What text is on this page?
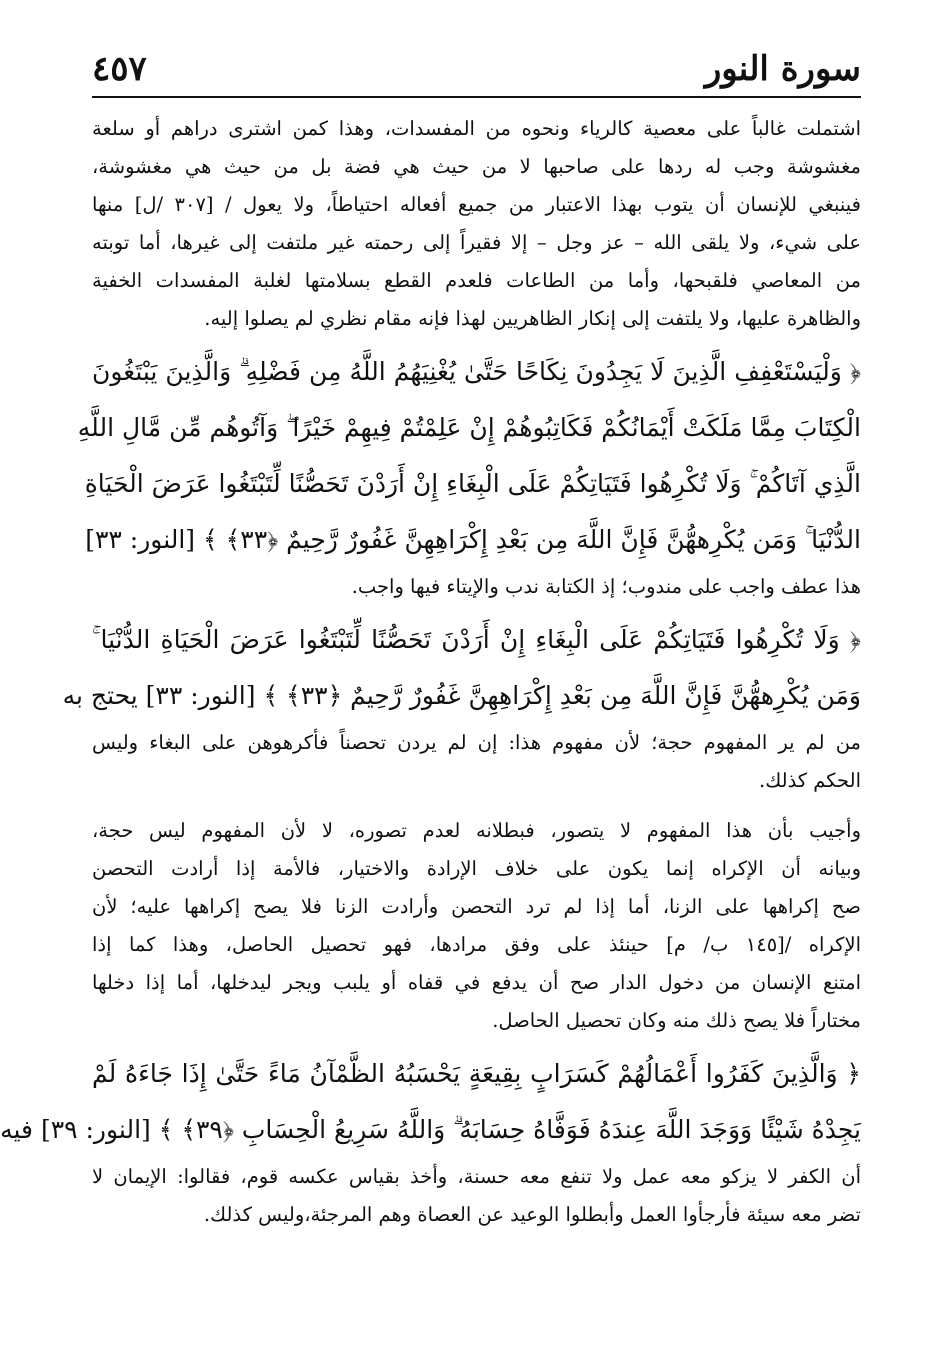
سورة النور
٤٥٧
اشتملت غالباً على معصية كالرياء ونحوه من المفسدات، وهذا كمن اشترى دراهم أو سلعة
مغشوشة وجب له ردها على صاحبها لا من حيث هي فضة بل من حيث هي مغشوشة،
فينبغي للإنسان أن يتوب بهذا الاعتبار من جميع أفعاله احتياطاً، ولا يعول / [٣٠٧ /ل] منها
على شيء، ولا يلقى الله – عز وجل – إلا فقيراً إلى رحمته غير ملتفت إلى غيرها، أما توبته
من المعاصي فلقبحها، وأما من الطاعات فلعدم القطع بسلامتها لغلبة المفسدات الخفية
والظاهرة عليها، ولا يلتفت إلى إنكار الظاهريين لهذا فإنه مقام نظري لم يصلوا إليه.
﴿ وَلْيَسْتَعْفِفِ الَّذِينَ لَا يَجِدُونَ نِكَاحًا حَتَّىٰ يُغْنِيَهُمُ اللَّهُ مِن فَضْلِهِ ۗ وَالَّذِينَ يَبْتَغُونَ
الْكِتَابَ مِمَّا مَلَكَتْ أَيْمَانُكُمْ فَكَاتِبُوهُمْ إِنْ عَلِمْتُمْ فِيهِمْ خَيْرًا ۖ وَآتُوهُم مِّن مَّالِ اللَّهِ
الَّذِي آتَاكُمْ ۚ وَلَا تُكْرِهُوا فَتَيَاتِكُمْ عَلَى الْبِغَاءِ إِنْ أَرَدْنَ تَحَصُّنًا لِّتَبْتَغُوا عَرَضَ الْحَيَاةِ
الدُّنْيَا ۚ وَمَن يُكْرِههُّنَّ فَإِنَّ اللَّهَ مِن بَعْدِ إِكْرَاهِهِنَّ غَفُورٌ رَّحِيمٌ ﴿٣٣﴾ ﴾ [النور: ٣٣]
هذا عطف واجب على مندوب؛ إذ الكتابة ندب والإيتاء فيها واجب.
﴿ وَلَا تُكْرِهُوا فَتَيَاتِكُمْ عَلَى الْبِغَاءِ إِنْ أَرَدْنَ تَحَصُّنًا لِّتَبْتَغُوا عَرَضَ الْحَيَاةِ الدُّنْيَا ۚ
وَمَن يُكْرِههُّنَّ فَإِنَّ اللَّهَ مِن بَعْدِ إِكْرَاهِهِنَّ غَفُورٌ رَّحِيمٌ ﴿٣٣﴾ ﴾ [النور: ٣٣] يحتج به
من لم ير المفهوم حجة؛ لأن مفهوم هذا: إن لم يردن تحصناً فأكرهوهن على البغاء وليس
الحكم كذلك.
وأجيب بأن هذا المفهوم لا يتصور، فبطلانه لعدم تصوره، لا لأن المفهوم ليس حجة،
وبيانه أن الإكراه إنما يكون على خلاف الإرادة والاختيار، فالأمة إذا أرادت التحصن
صح إكراهها على الزنا، أما إذا لم ترد التحصن وأرادت الزنا فلا يصح إكراهها عليه؛ لأن
الإكراه /[١٤٥ ب/ م] حينئذ على وفق مرادها، فهو تحصيل الحاصل، وهذا كما إذا
امتنع الإنسان من دخول الدار صح أن يدفع في قفاه أو يلبب ويجر ليدخلها، أما إذا دخلها
مختاراً فلا يصح ذلك منه وكان تحصيل الحاصل.
﴿ وَالَّذِينَ كَفَرُوا أَعْمَالُهُمْ كَسَرَابٍ بِقِيعَةٍ يَحْسَبُهُ الظَّمْآنُ مَاءً حَتَّىٰ إِذَا جَاءَهُ لَمْ
يَجِدْهُ شَيْئًا وَوَجَدَ اللَّهَ عِندَهُ فَوَفَّاهُ حِسَابَهُ ۗ وَاللَّهُ سَرِيعُ الْحِسَابِ ﴿٣٩﴾ ﴾ [النور: ٣٩] فيه
أن الكفر لا يزكو معه عمل ولا تنفع معه حسنة، وأخذ بقياس عكسه قوم، فقالوا: الإيمان لا
تضر معه سيئة فأرجأوا العمل وأبطلوا الوعيد عن العصاة وهم المرجئة،وليس كذلك.
